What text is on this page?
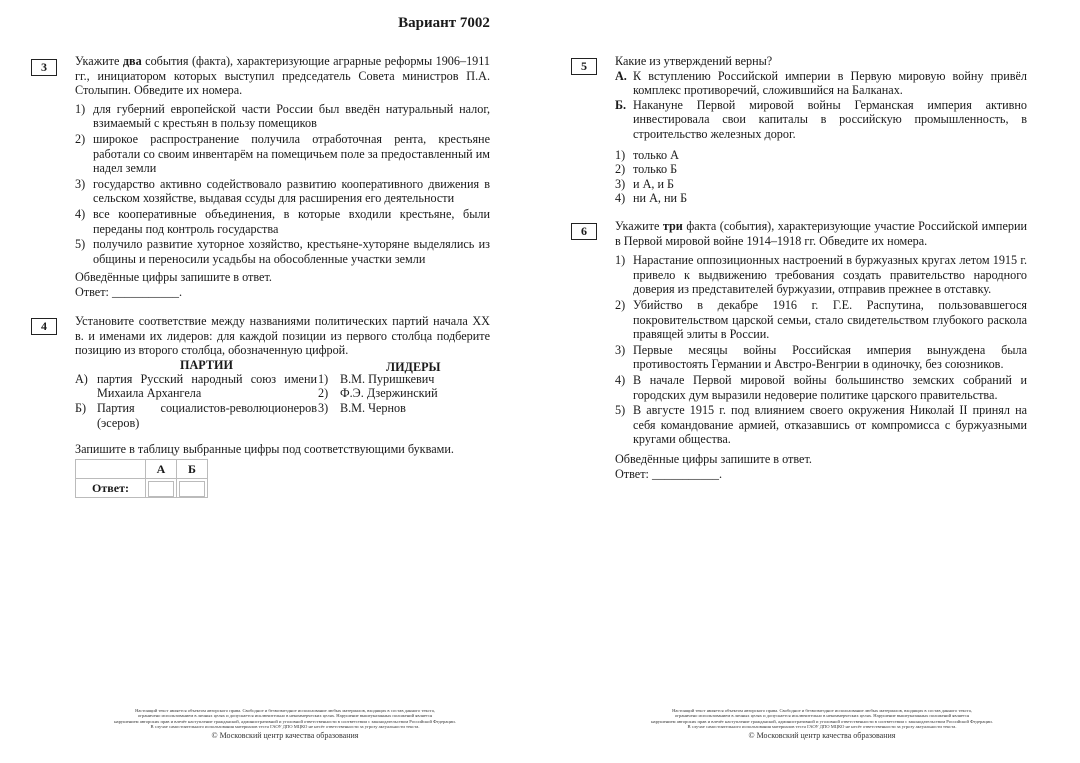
Вариант 7002
3	Укажите два события (факта), характеризующие аграрные реформы 1906–1911 гг., инициатором которых выступил председатель Совета министров П.А. Столыпин. Обведите их номера.

1) для губерний европейской части России был введён натуральный налог, взимаемый с крестьян в пользу помещиков
2) широкое распространение получила отработочная рента, крестьяне работали со своим инвентарём на помещичьем поле за предоставленный им надел земли
3) государство активно содействовало развитию кооперативного движения в сельском хозяйстве, выдавая ссуды для расширения его деятельности
4) все кооперативные объединения, в которые входили крестьяне, были переданы под контроль государства
5) получило развитие хуторное хозяйство, крестьяне-хуторяне выделялись из общины и переносили усадьбы на обособленные участки земли

Обведённые цифры запишите в ответ.

Ответ: ___________.

4	Установите соответствие между названиями политических партий начала XX в. и именами их лидеров: для каждой позиции из первого столбца подберите позицию из второго столбца, обозначенную цифрой.

ПАРТИИ	ЛИДЕРЫ
А) партия Русский народный союз имени Михаила Архангела
Б) Партия социалистов-революционеров (эсеров)
1) В.М. Пуришкевич
2) Ф.Э. Дзержинский
3) В.М. Чернов

Запишите в таблицу выбранные цифры под соответствующими буквами.

	А	Б
Ответ:		
5	Какие из утверждений верны?

А. К вступлению Российской империи в Первую мировую войну привёл комплекс противоречий, сложившийся на Балканах.
Б. Накануне Первой мировой войны Германская империя активно инвестировала свои капиталы в российскую промышленность, в строительство железных дорог.
1) только А
2) только Б
3) и А, и Б
4) ни А, ни Б
6	Укажите три факта (события), характеризующие участие Российской империи в Первой мировой войне 1914–1918 гг. Обведите их номера.

1) Нарастание оппозиционных настроений в буржуазных кругах летом 1915 г. привело к выдвижению требования создать правительство народного доверия из представителей буржуазии, отправив прежнее в отставку.
2) Убийство в декабре 1916 г. Г.Е. Распутина, пользовавшегося покровительством царской семьи, стало свидетельством глубокого раскола правящей элиты в России.
3) Первые месяцы войны Российская империя вынуждена была противостоять Германии и Австро-Венгрии в одиночку, без союзников.
4) В начале Первой мировой войны большинство земских собраний и городских дум выразили недоверие политике царского правительства.
5) В августе 1915 г. под влиянием своего окружения Николай II принял на себя командование армией, отказавшись от компромисса с буржуазными кругами общества.

Обведённые цифры запишите в ответ.

Ответ: ___________.

Настоящий текст является объектом авторского права. Свободное и безвозмездное использование любых материалов, входящих в состав данного текста,
ограничено использованием в личных целях и допускается исключительно в некоммерческих целях. Нарушение вышеуказанных положений является
нарушением авторских прав и влечёт наступление гражданской, административной и уголовной ответственности в соответствии с законодательством Российской Федерации.
В случае самостоятельного использования материалов теста ГАОУ ДПО МЦКО не несёт ответственности за угрозу актуальности текста.
© Московский центр качества образования
Настоящий текст является объектом авторского права. Свободное и безвозмездное использование любых материалов, входящих в состав данного текста,
ограничено использованием в личных целях и допускается исключительно в некоммерческих целях. Нарушение вышеуказанных положений является
нарушением авторских прав и влечёт наступление гражданской, административной и уголовной ответственности в соответствии с законодательством Российской Федерации.
В случае самостоятельного использования материалов теста ГАОУ ДПО МЦКО не несёт ответственности за угрозу актуальности текста.
© Московский центр качества образования
